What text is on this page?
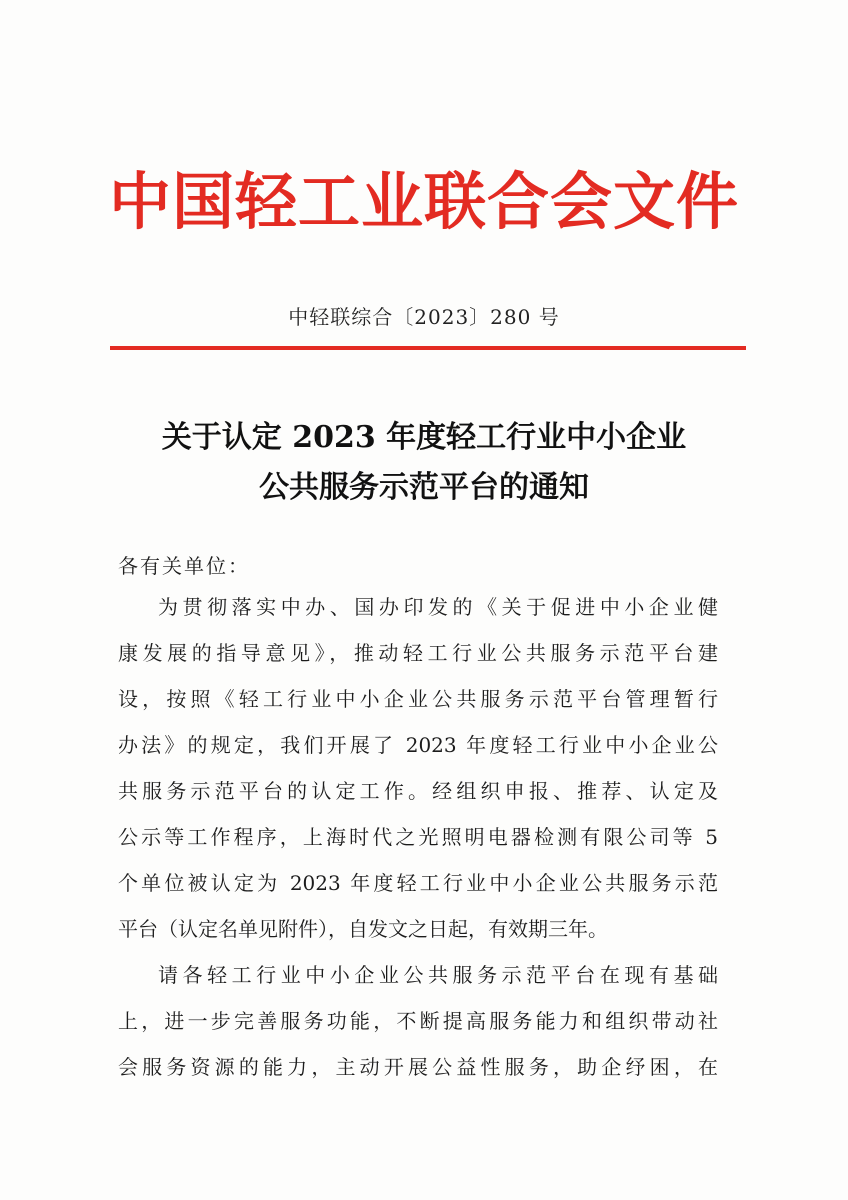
中国轻工业联合会文件
中轻联综合〔2023〕280 号
关于认定 2023 年度轻工行业中小企业
公共服务示范平台的通知
各有关单位：
为贯彻落实中办、国办印发的《关于促进中小企业健
康发展的指导意见》，推动轻工行业公共服务示范平台建
设，按照《轻工行业中小企业公共服务示范平台管理暂行
办法》的规定，我们开展了 2023 年度轻工行业中小企业公
共服务示范平台的认定工作。经组织申报、推荐、认定及
公示等工作程序，上海时代之光照明电器检测有限公司等 5
个单位被认定为 2023 年度轻工行业中小企业公共服务示范
平台（认定名单见附件），自发文之日起，有效期三年。
请各轻工行业中小企业公共服务示范平台在现有基础
上，进一步完善服务功能，不断提高服务能力和组织带动社
会服务资源的能力，主动开展公益性服务，助企纾困，在
